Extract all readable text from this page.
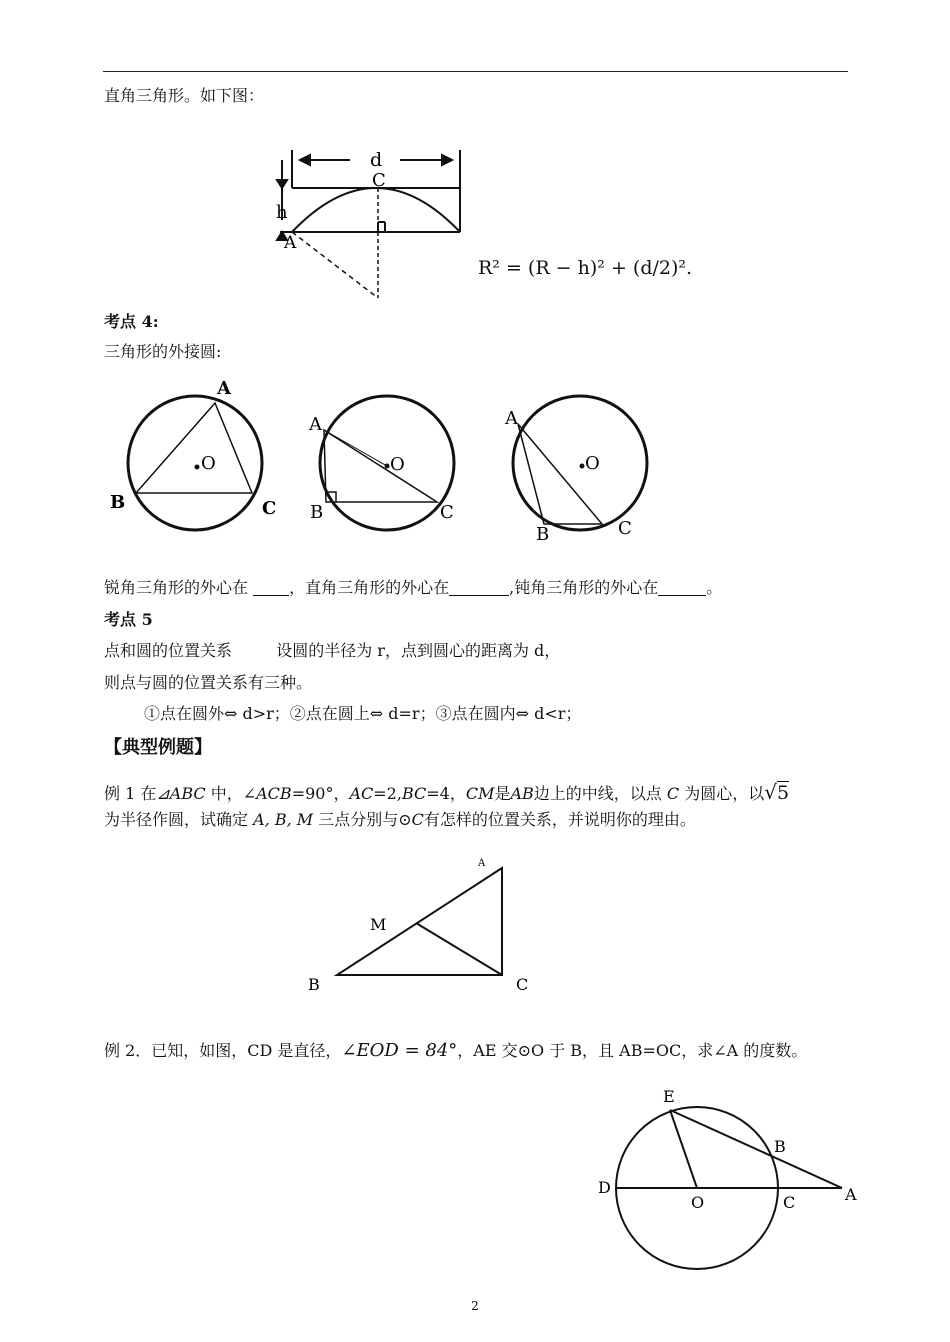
直角三角形。如下图：
d
C
h
A
R² = (R − h)² + (d/2)².
考点 4:
三角形的外接圆:
A
B	C
O
A
B	C
O
A
B	C
O
锐角三角形的外心在	，直角三角形的外心在	,钝角三角形的外心在	。
考点 5
点和圆的位置关系	设圆的半径为 r，点到圆心的距离为 d，
则点与圆的位置关系有三种。
①点在圆外⇔ d>r；②点在圆上⇔ d=r；③点在圆内⇔ d<r；
【典型例题】
例 1 在⊿ABC 中，∠ACB=90°，AC=2,BC=4，CM是AB边上的中线，以点 C 为圆心，以√5
为半径作圆，试确定 A, B, M 三点分别与⊙C有怎样的位置关系，并说明你的理由。
A
B	C
M
例 2．已知，如图，CD 是直径，∠EOD = 84°，AE 交⊙O 于 B，且 AB=OC，求∠A 的度数。
E
B
D
O	C	A
2
